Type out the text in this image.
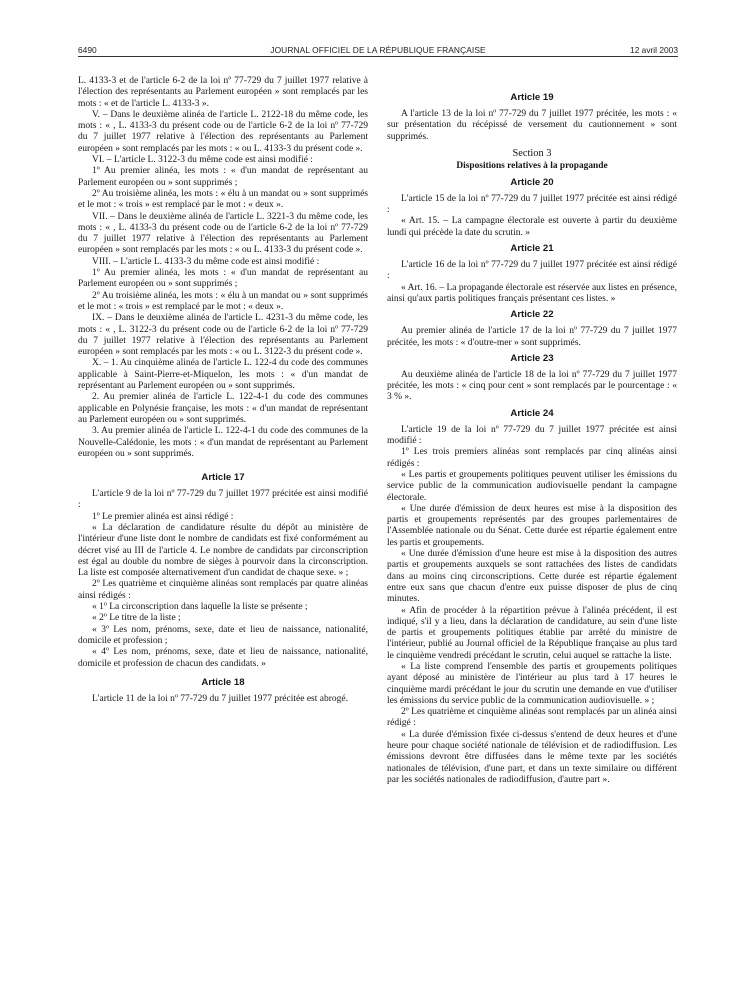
6490	JOURNAL OFFICIEL DE LA RÉPUBLIQUE FRANÇAISE	12 avril 2003

L. 4133-3 et de l'article 6-2 de la loi nº 77-729 du 7 juillet 1977 relative à l'élection des représentants au Parlement européen » sont remplacés par les mots : « et de l'article L. 4133-3 ».

V. – Dans le deuxième alinéa de l'article L. 2122-18 du même code, les mots : « , L. 4133-3 du présent code ou de l'article 6-2 de la loi nº 77-729 du 7 juillet 1977 relative à l'élection des représentants au Parlement européen » sont remplacés par les mots : « ou L. 4133-3 du présent code ».

VI. – L'article L. 3122-3 du même code est ainsi modifié :

1º Au premier alinéa, les mots : « d'un mandat de représentant au Parlement européen ou » sont supprimés ;

2º Au troisième alinéa, les mots : « élu à un mandat ou » sont supprimés et le mot : « trois » est remplacé par le mot : « deux ».

VII. – Dans le deuxième alinéa de l'article L. 3221-3 du même code, les mots : « , L. 4133-3 du présent code ou de l'article 6-2 de la loi nº 77-729 du 7 juillet 1977 relative à l'élection des représentants au Parlement européen » sont remplacés par les mots : « ou L. 4133-3 du présent code ».

VIII. – L'article L. 4133-3 du même code est ainsi modifié :

1º Au premier alinéa, les mots : « d'un mandat de représentant au Parlement européen ou » sont supprimés ;

2º Au troisième alinéa, les mots : « élu à un mandat ou » sont supprimés et le mot : « trois » est remplacé par le mot : « deux ».

IX. – Dans le deuxième alinéa de l'article L. 4231-3 du même code, les mots : « , L. 3122-3 du présent code ou de l'article 6-2 de la loi nº 77-729 du 7 juillet 1977 relative à l'élection des représentants au Parlement européen » sont remplacés par les mots : « ou L. 3122-3 du présent code ».

X. – 1. Au cinquième alinéa de l'article L. 122-4 du code des communes applicable à Saint-Pierre-et-Miquelon, les mots : « d'un mandat de représentant au Parlement européen ou » sont supprimés.

2. Au premier alinéa de l'article L. 122-4-1 du code des communes applicable en Polynésie française, les mots : « d'un mandat de représentant au Parlement européen ou » sont supprimés.

3. Au premier alinéa de l'article L. 122-4-1 du code des communes de la Nouvelle-Calédonie, les mots : « d'un mandat de représentant au Parlement européen ou » sont supprimés.

Article 17

L'article 9 de la loi nº 77-729 du 7 juillet 1977 précitée est ainsi modifié :

1º Le premier alinéa est ainsi rédigé :

« La déclaration de candidature résulte du dépôt au ministère de l'intérieur d'une liste dont le nombre de candidats est fixé conformément au décret visé au III de l'article 4. Le nombre de candidats par circonscription est égal au double du nombre de sièges à pourvoir dans la circonscription. La liste est composée alternativement d'un candidat de chaque sexe. » ;

2º Les quatrième et cinquième alinéas sont remplacés par quatre alinéas ainsi rédigés :

« 1º La circonscription dans laquelle la liste se présente ;

« 2º Le titre de la liste ;

« 3º Les nom, prénoms, sexe, date et lieu de naissance, nationalité, domicile et profession ;

« 4º Les nom, prénoms, sexe, date et lieu de naissance, nationalité, domicile et profession de chacun des candidats. »

Article 18

L'article 11 de la loi nº 77-729 du 7 juillet 1977 précitée est abrogé.

Article 19

A l'article 13 de la loi nº 77-729 du 7 juillet 1977 précitée, les mots : « sur présentation du récépissé de versement du cautionnement » sont supprimés.

Section 3
Dispositions relatives à la propagande
Article 20

L'article 15 de la loi nº 77-729 du 7 juillet 1977 précitée est ainsi rédigé :

« Art. 15. – La campagne électorale est ouverte à partir du deuxième lundi qui précède la date du scrutin. »

Article 21

L'article 16 de la loi nº 77-729 du 7 juillet 1977 précitée est ainsi rédigé :

« Art. 16. – La propagande électorale est réservée aux listes en présence, ainsi qu'aux partis politiques français présentant ces listes. »

Article 22

Au premier alinéa de l'article 17 de la loi nº 77-729 du 7 juillet 1977 précitée, les mots : « d'outre-mer » sont supprimés.

Article 23

Au deuxième alinéa de l'article 18 de la loi nº 77-729 du 7 juillet 1977 précitée, les mots : « cinq pour cent » sont remplacés par le pourcentage : « 3 % ».

Article 24

L'article 19 de la loi nº 77-729 du 7 juillet 1977 précitée est ainsi modifié :

1º Les trois premiers alinéas sont remplacés par cinq alinéas ainsi rédigés :

« Les partis et groupements politiques peuvent utiliser les émissions du service public de la communication audiovisuelle pendant la campagne électorale.

« Une durée d'émission de deux heures est mise à la disposition des partis et groupements représentés par des groupes parlementaires de l'Assemblée nationale ou du Sénat. Cette durée est répartie également entre les partis et groupements.

« Une durée d'émission d'une heure est mise à la disposition des autres partis et groupements auxquels se sont rattachées des listes de candidats dans au moins cinq circonscriptions. Cette durée est répartie également entre eux sans que chacun d'entre eux puisse disposer de plus de cinq minutes.

« Afin de procéder à la répartition prévue à l'alinéa précédent, il est indiqué, s'il y a lieu, dans la déclaration de candidature, au sein d'une liste de partis et groupements politiques établie par arrêté du ministre de l'intérieur, publié au Journal officiel de la République française au plus tard le cinquième vendredi précédant le scrutin, celui auquel se rattache la liste.

« La liste comprend l'ensemble des partis et groupements politiques ayant déposé au ministère de l'intérieur au plus tard à 17 heures le cinquième mardi précédant le jour du scrutin une demande en vue d'utiliser les émissions du service public de la communication audiovisuelle. » ;

2º Les quatrième et cinquième alinéas sont remplacés par un alinéa ainsi rédigé :

« La durée d'émission fixée ci-dessus s'entend de deux heures et d'une heure pour chaque société nationale de télévision et de radiodiffusion. Les émissions devront être diffusées dans le même texte par les sociétés nationales de télévision, d'une part, et dans un texte similaire ou différent par les sociétés nationales de radiodiffusion, d'autre part ».
